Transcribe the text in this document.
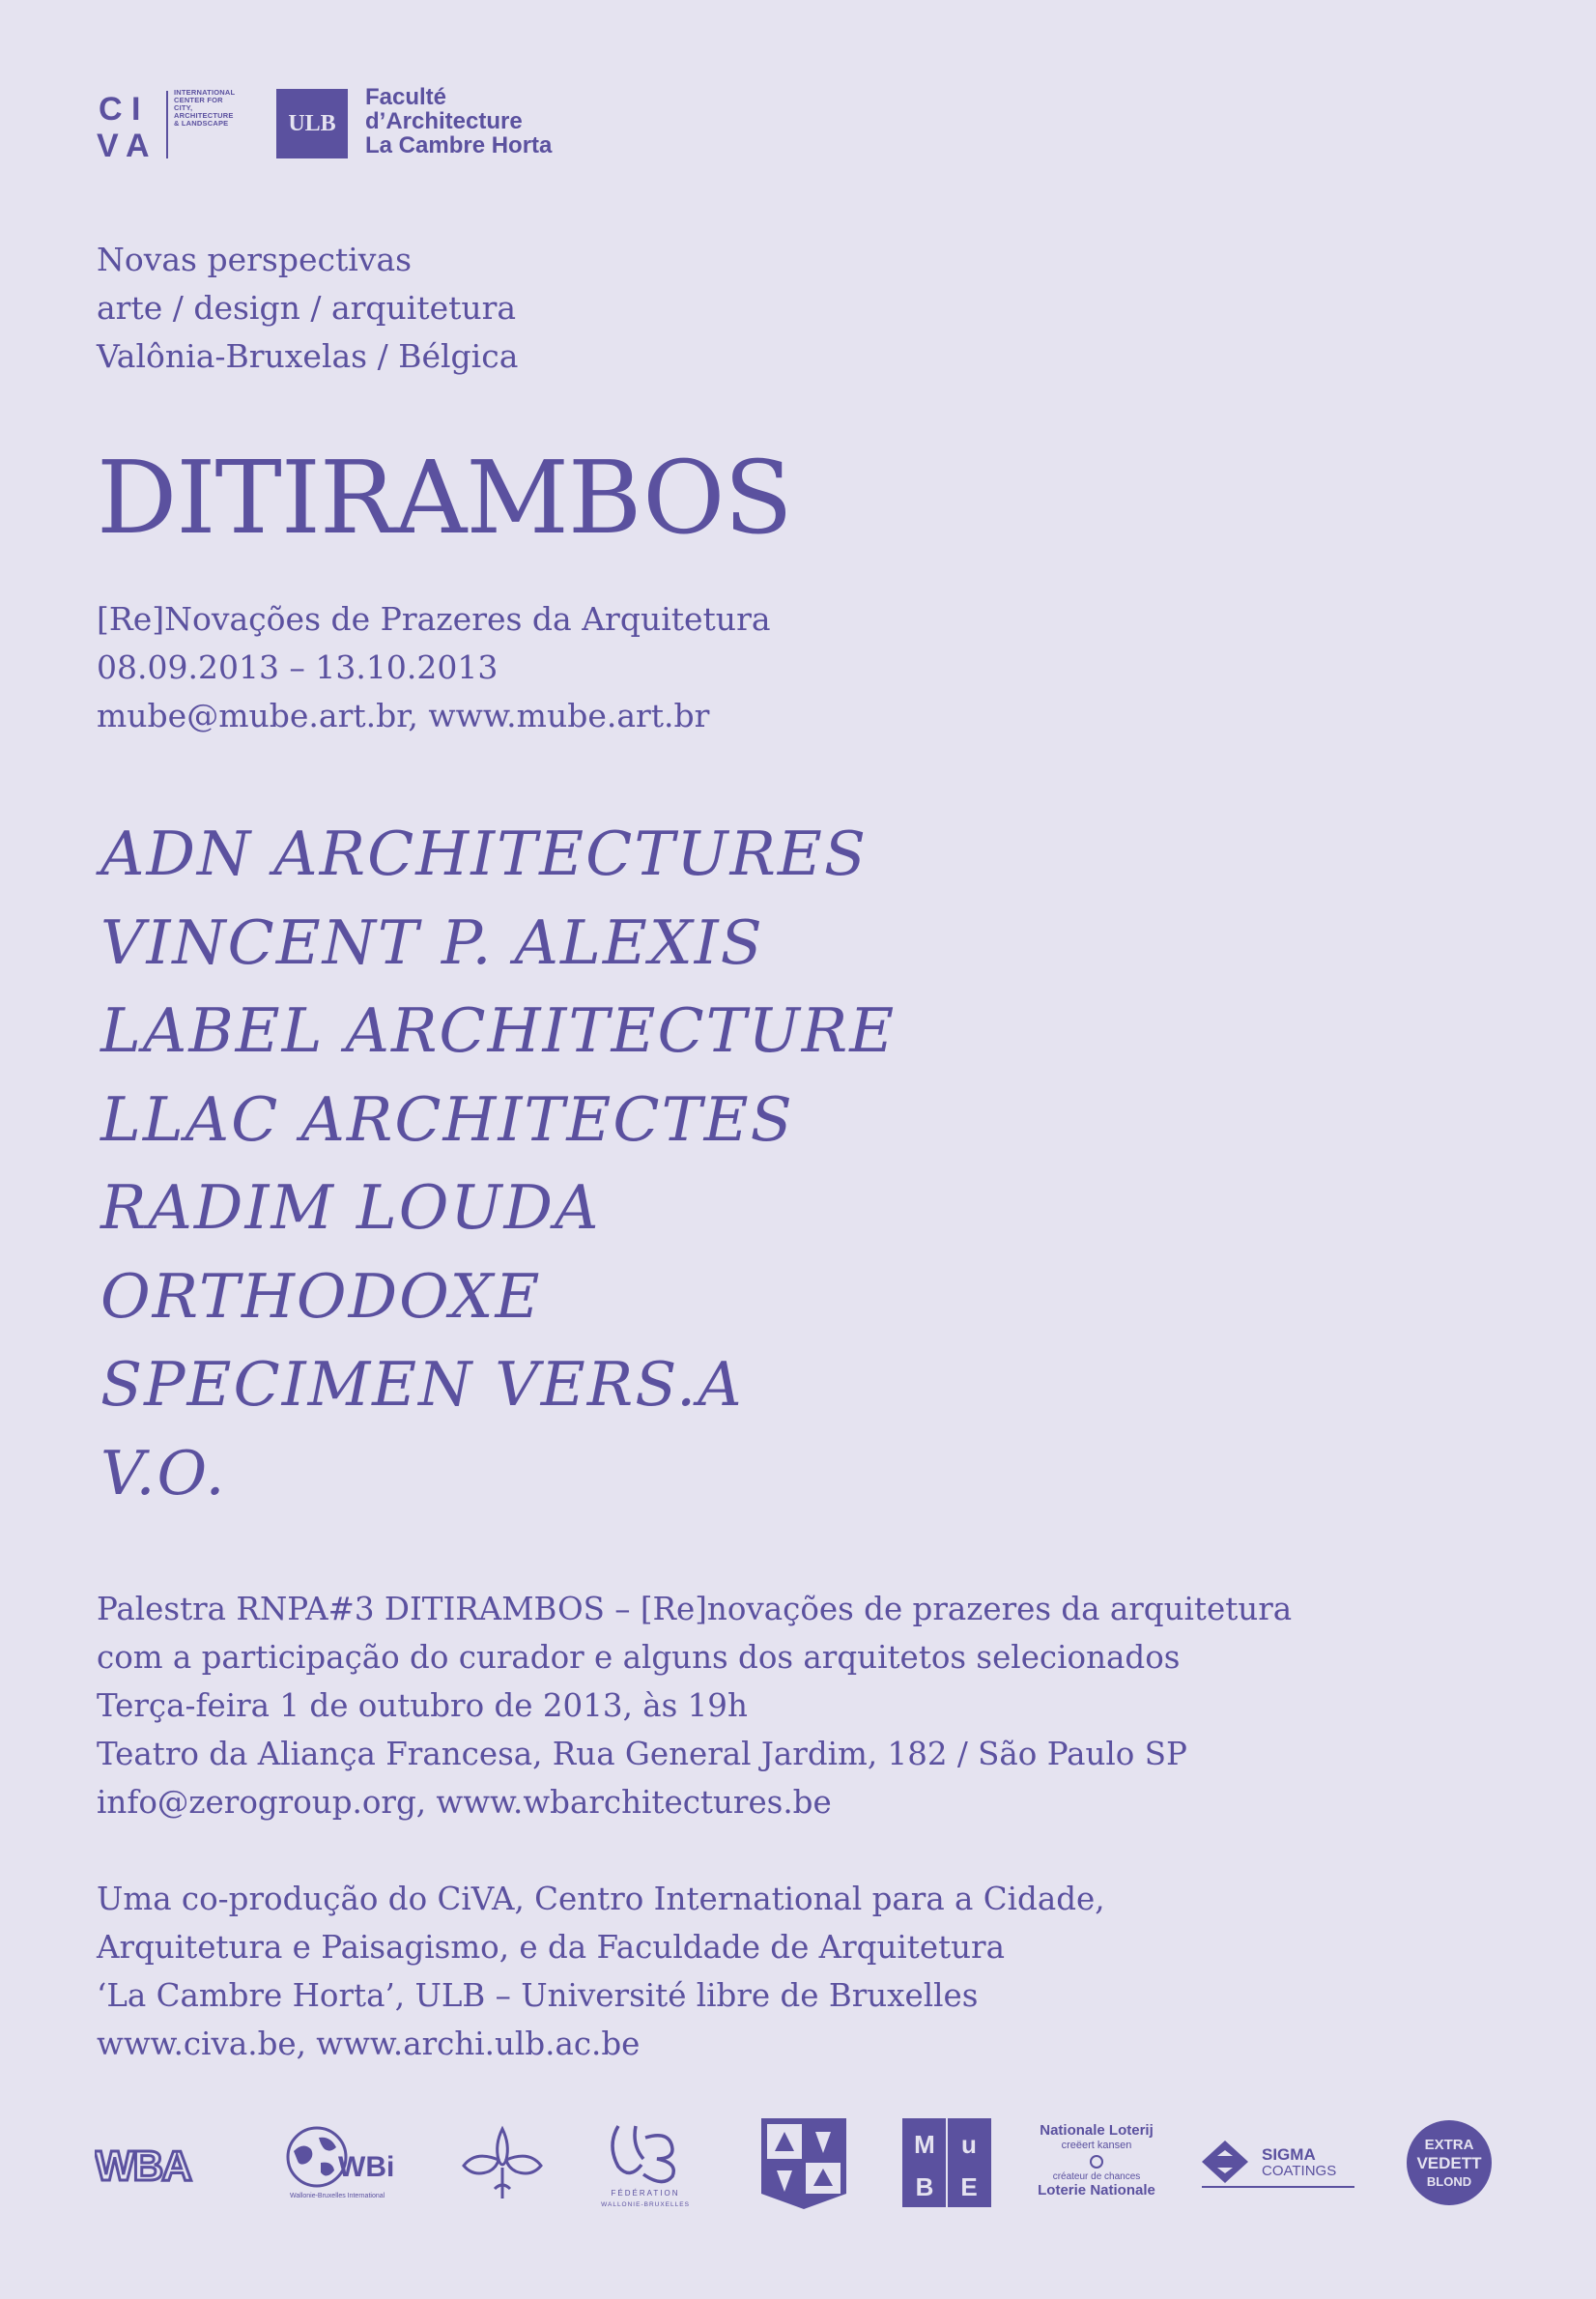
C I
V A
INTERNATIONAL
CENTER FOR CITY,
ARCHITECTURE
& LANDSCAPE	ULB
Faculté
d’Architecture
La Cambre Horta
Novas perspectivas
arte / design / arquitetura
Valônia-Bruxelas / Bélgica
DITIRAMBOS
[Re]Novações de Prazeres da Arquitetura
08.09.2013 – 13.10.2013
mube@mube.art.br, www.mube.art.br
ADN ARCHITECTURES
VINCENT P. ALEXIS
LABEL ARCHITECTURE
LLAC ARCHITECTES
RADIM LOUDA
ORTHODOXE
SPECIMEN VERS.A
V.O.
Palestra RNPA#3 DITIRAMBOS – [Re]novações de prazeres da arquitetura
com a participação do curador e alguns dos arquitetos selecionados
Terça-feira 1 de outubro de 2013, às 19h
Teatro da Aliança Francesa, Rua General Jardim, 182 / São Paulo SP
info@zerogroup.org, www.wbarchitectures.be
Uma co-produção do CiVA, Centro International para a Cidade,
Arquitetura e Paisagismo, e da Faculdade de Arquitetura
‘La Cambre Horta’, ULB – Université libre de Bruxelles
www.civa.be, www.archi.ulb.ac.be
WBA	WBi
Wallonie-Bruxelles International	FÉDÉRATION
WALLONIE-BRUXELLES
M u
B E
Nationale Loterij
creëert kansen
créateur de chances
Loterie Nationale
SIGMA
COATINGS
EXTRA
VEDETT
BLOND
